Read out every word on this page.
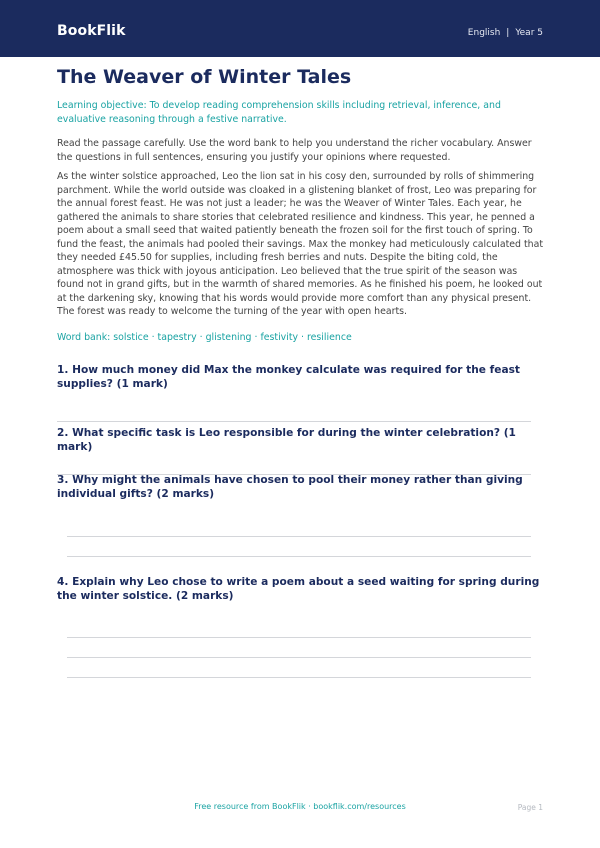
BookFlik	English | Year 5
The Weaver of Winter Tales

Learning objective: To develop reading comprehension skills including retrieval, inference, and evaluative reasoning through a festive narrative.

Read the passage carefully. Use the word bank to help you understand the richer vocabulary. Answer the questions in full sentences, ensuring you justify your opinions where requested.

As the winter solstice approached, Leo the lion sat in his cosy den, surrounded by rolls of shimmering parchment. While the world outside was cloaked in a glistening blanket of frost, Leo was preparing for the annual forest feast. He was not just a leader; he was the Weaver of Winter Tales. Each year, he gathered the animals to share stories that celebrated resilience and kindness. This year, he penned a poem about a small seed that waited patiently beneath the frozen soil for the first touch of spring. To fund the feast, the animals had pooled their savings. Max the monkey had meticulously calculated that they needed £45.50 for supplies, including fresh berries and nuts. Despite the biting cold, the atmosphere was thick with joyous anticipation. Leo believed that the true spirit of the season was found not in grand gifts, but in the warmth of shared memories. As he finished his poem, he looked out at the darkening sky, knowing that his words would provide more comfort than any physical present. The forest was ready to welcome the turning of the year with open hearts.

Word bank: solstice · tapestry · glistening · festivity · resilience

1. How much money did Max the monkey calculate was required for the feast supplies? (1 mark)

2. What specific task is Leo responsible for during the winter celebration? (1 mark)

3. Why might the animals have chosen to pool their money rather than giving individual gifts? (2 marks)

4. Explain why Leo chose to write a poem about a seed waiting for spring during the winter solstice. (2 marks)

Free resource from BookFlik · bookflik.com/resources	Page 1
